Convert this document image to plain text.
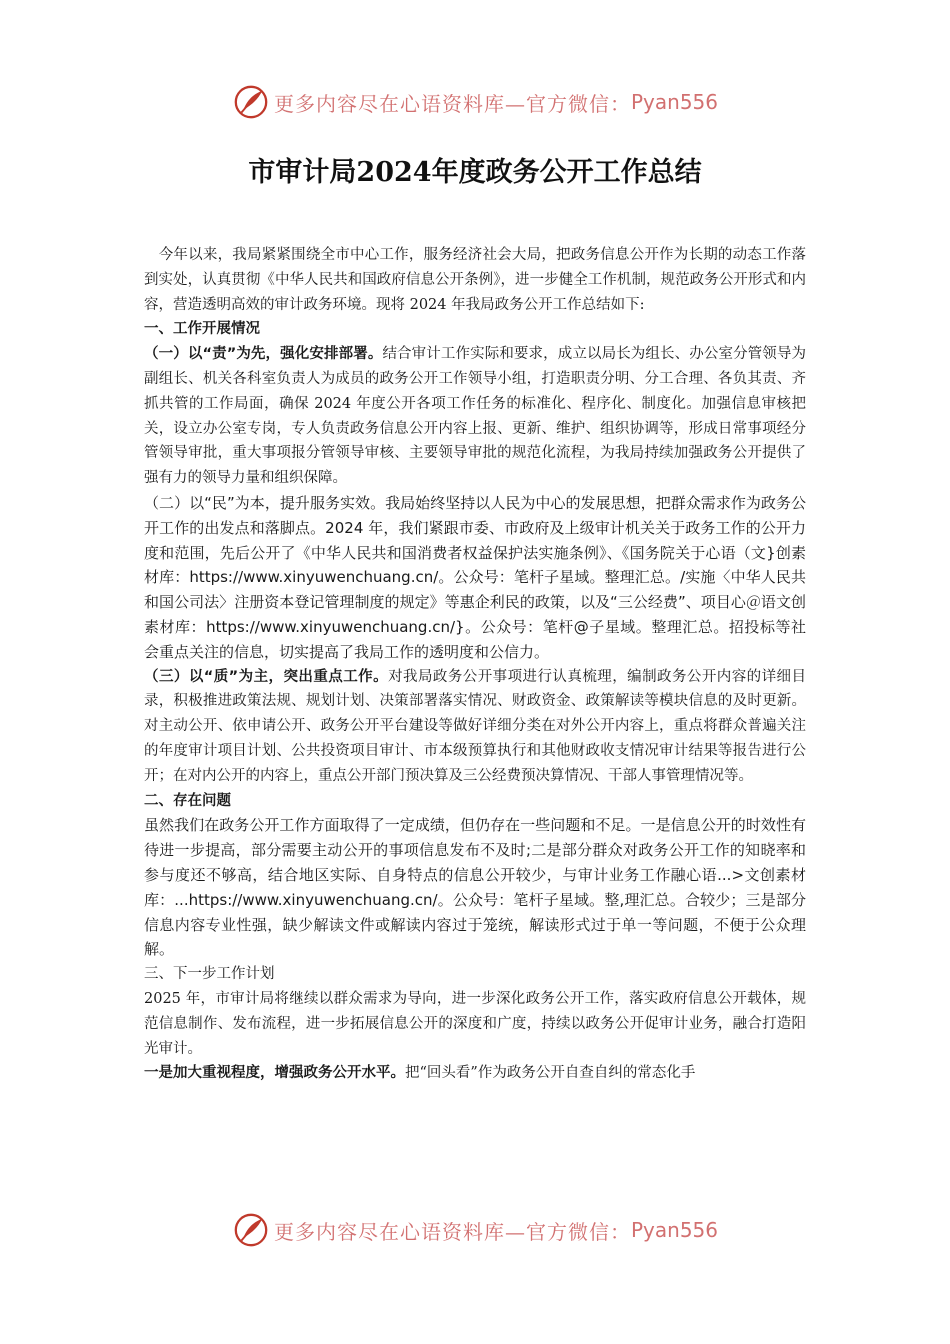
更多内容尽在心语资料库—官方微信： Pyan556
市审计局2024年度政务公开工作总结

　今年以来，我局紧紧围绕全市中心工作，服务经济社会大局，把政务信息公开作为长期的动态工作落到实处，认真贯彻《中华人民共和国政府信息公开条例》，进一步健全工作机制，规范政务公开形式和内容，营造透明高效的审计政务环境。现将 2024 年我局政务公开工作总结如下:

一、工作开展情况

（一）以“责”为先，强化安排部署。结合审计工作实际和要求，成立以局长为组长、办公室分管领导为副组长、机关各科室负责人为成员的政务公开工作领导小组，打造职责分明、分工合理、各负其责、齐抓共管的工作局面，确保 2024 年度公开各项工作任务的标准化、程序化、制度化。加强信息审核把关，设立办公室专岗，专人负责政务信息公开内容上报、更新、维护、组织协调等，形成日常事项经分管领导审批，重大事项报分管领导审核、主要领导审批的规范化流程，为我局持续加强政务公开提供了强有力的领导力量和组织保障。

（二）以“民”为本，提升服务实效。我局始终坚持以人民为中心的发展思想，把群众需求作为政务公开工作的出发点和落脚点。2024 年，我们紧跟市委、市政府及上级审计机关关于政务工作的公开力度和范围，先后公开了《中华人民共和国消费者权益保护法实施条例》、《国务院关于心语（文}创素材库：https://www.xinyuwenchuang.cn/。公众号：笔杆子星域。整理汇总。/实施〈中华人民共和国公司法〉注册资本登记管理制度的规定》等惠企利民的政策，以及“三公经费”、项目心＠语文创素材库：https://www.xinyuwenchuang.cn/}。公众号：笔杆@子星域。整理汇总。招投标等社会重点关注的信息，切实提高了我局工作的透明度和公信力。

（三）以“质”为主，突出重点工作。对我局政务公开事项进行认真梳理，编制政务公开内容的详细目录，积极推进政策法规、规划计划、决策部署落实情况、财政资金、政策解读等模块信息的及时更新。对主动公开、依申请公开、政务公开平台建设等做好详细分类在对外公开内容上，重点将群众普遍关注的年度审计项目计划、公共投资项目审计、市本级预算执行和其他财政收支情况审计结果等报告进行公开；在对内公开的内容上，重点公开部门预决算及三公经费预决算情况、干部人事管理情况等。

二、存在问题

虽然我们在政务公开工作方面取得了一定成绩，但仍存在一些问题和不足。一是信息公开的时效性有待进一步提高，部分需要主动公开的事项信息发布不及时;二是部分群众对政务公开工作的知晓率和参与度还不够高，结合地区实际、自身特点的信息公开较少，与审计业务工作融心语...>文创素材库：...https://www.xinyuwenchuang.cn/。公众号：笔杆子星域。整,理汇总。合较少；三是部分信息内容专业性强，缺少解读文件或解读内容过于笼统，解读形式过于单一等问题，不便于公众理解。

三、下一步工作计划

2025 年，市审计局将继续以群众需求为导向，进一步深化政务公开工作，落实政府信息公开载体，规范信息制作、发布流程，进一步拓展信息公开的深度和广度，持续以政务公开促审计业务，融合打造阳光审计。

一是加大重视程度，增强政务公开水平。把“回头看”作为政务公开自查自纠的常态化手

更多内容尽在心语资料库—官方微信： Pyan556
